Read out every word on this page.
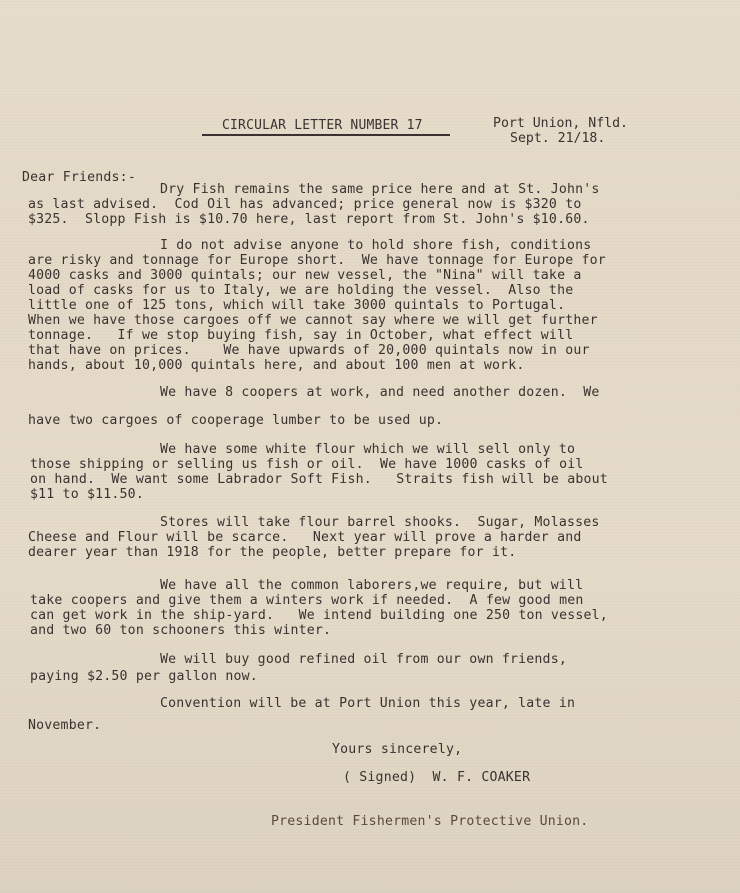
CIRCULAR LETTER NUMBER 17	Port Union, Nfld.
Sept. 21/18.
Dear Friends:-
Dry Fish remains the same price here and at St. John's
as last advised.  Cod Oil has advanced; price general now is $320 to
$325.  Slopp Fish is $10.70 here, last report from St. John's $10.60.
I do not advise anyone to hold shore fish, conditions
are risky and tonnage for Europe short.  We have tonnage for Europe for
4000 casks and 3000 quintals; our new vessel, the "Nina" will take a
load of casks for us to Italy, we are holding the vessel.  Also the
little one of 125 tons, which will take 3000 quintals to Portugal.
When we have those cargoes off we cannot say where we will get further
tonnage.   If we stop buying fish, say in October, what effect will
that have on prices.    We have upwards of 20,000 quintals now in our
hands, about 10,000 quintals here, and about 100 men at work.
We have 8 coopers at work, and need another dozen.  We
have two cargoes of cooperage lumber to be used up.
We have some white flour which we will sell only to
those shipping or selling us fish or oil.  We have 1000 casks of oil
on hand.  We want some Labrador Soft Fish.   Straits fish will be about
$11 to $11.50.
Stores will take flour barrel shooks.  Sugar, Molasses
Cheese and Flour will be scarce.   Next year will prove a harder and
dearer year than 1918 for the people, better prepare for it.
We have all the common laborers,we require, but will
take coopers and give them a winters work if needed.  A few good men
can get work in the ship-yard.   We intend building one 250 ton vessel,
and two 60 ton schooners this winter.
We will buy good refined oil from our own friends,
paying $2.50 per gallon now.
Convention will be at Port Union this year, late in
November.
Yours sincerely,
( Signed)  W. F. COAKER
President Fishermen's Protective Union.
